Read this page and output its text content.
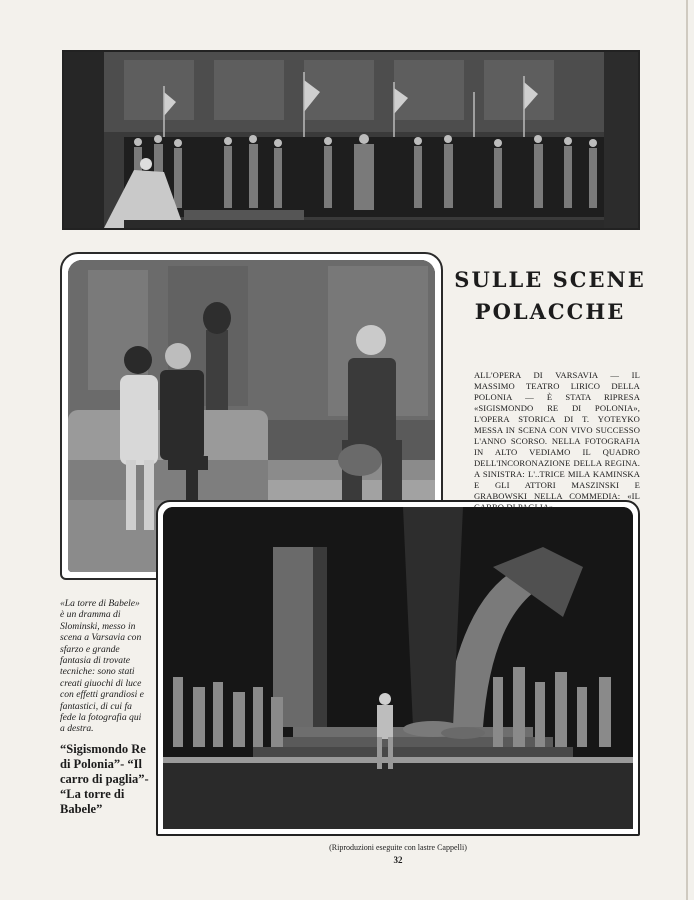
SULLE SCENE
POLACCHE
ALL'OPERA DI VARSAVIA — IL MASSIMO TEATRO LIRICO DELLA POLONIA — È STATA RIPRESA «SIGISMONDO RE DI POLONIA», L'OPERA STORICA DI T. YOTEYKO MESSA IN SCENA CON VIVO SUCCESSO L'ANNO SCORSO. NELLA FOTOGRAFIA IN ALTO VEDIAMO IL QUADRO DELL'INCORONAZIONE DELLA REGINA. A SINISTRA: L'..TRICE MILA KAMINSKA E GLI ATTORI MASZINSKI E GRABOWSKI NELLA COMMEDIA: «IL CARRO DI PAGLIA».
«La torre di Babele» è un dramma di Slominski, messo in scena a Varsavia con sfarzo e grande fantasia di trovate tecniche: sono stati creati giuochi di luce con effetti grandiosi e fantastici, di cui fa fede la fotografia qui a destra.
“Sigismondo Re di Polonia”- “Il carro di paglia”- “La torre di Babele”
(Riproduzioni eseguite con lastre Cappelli)
32
